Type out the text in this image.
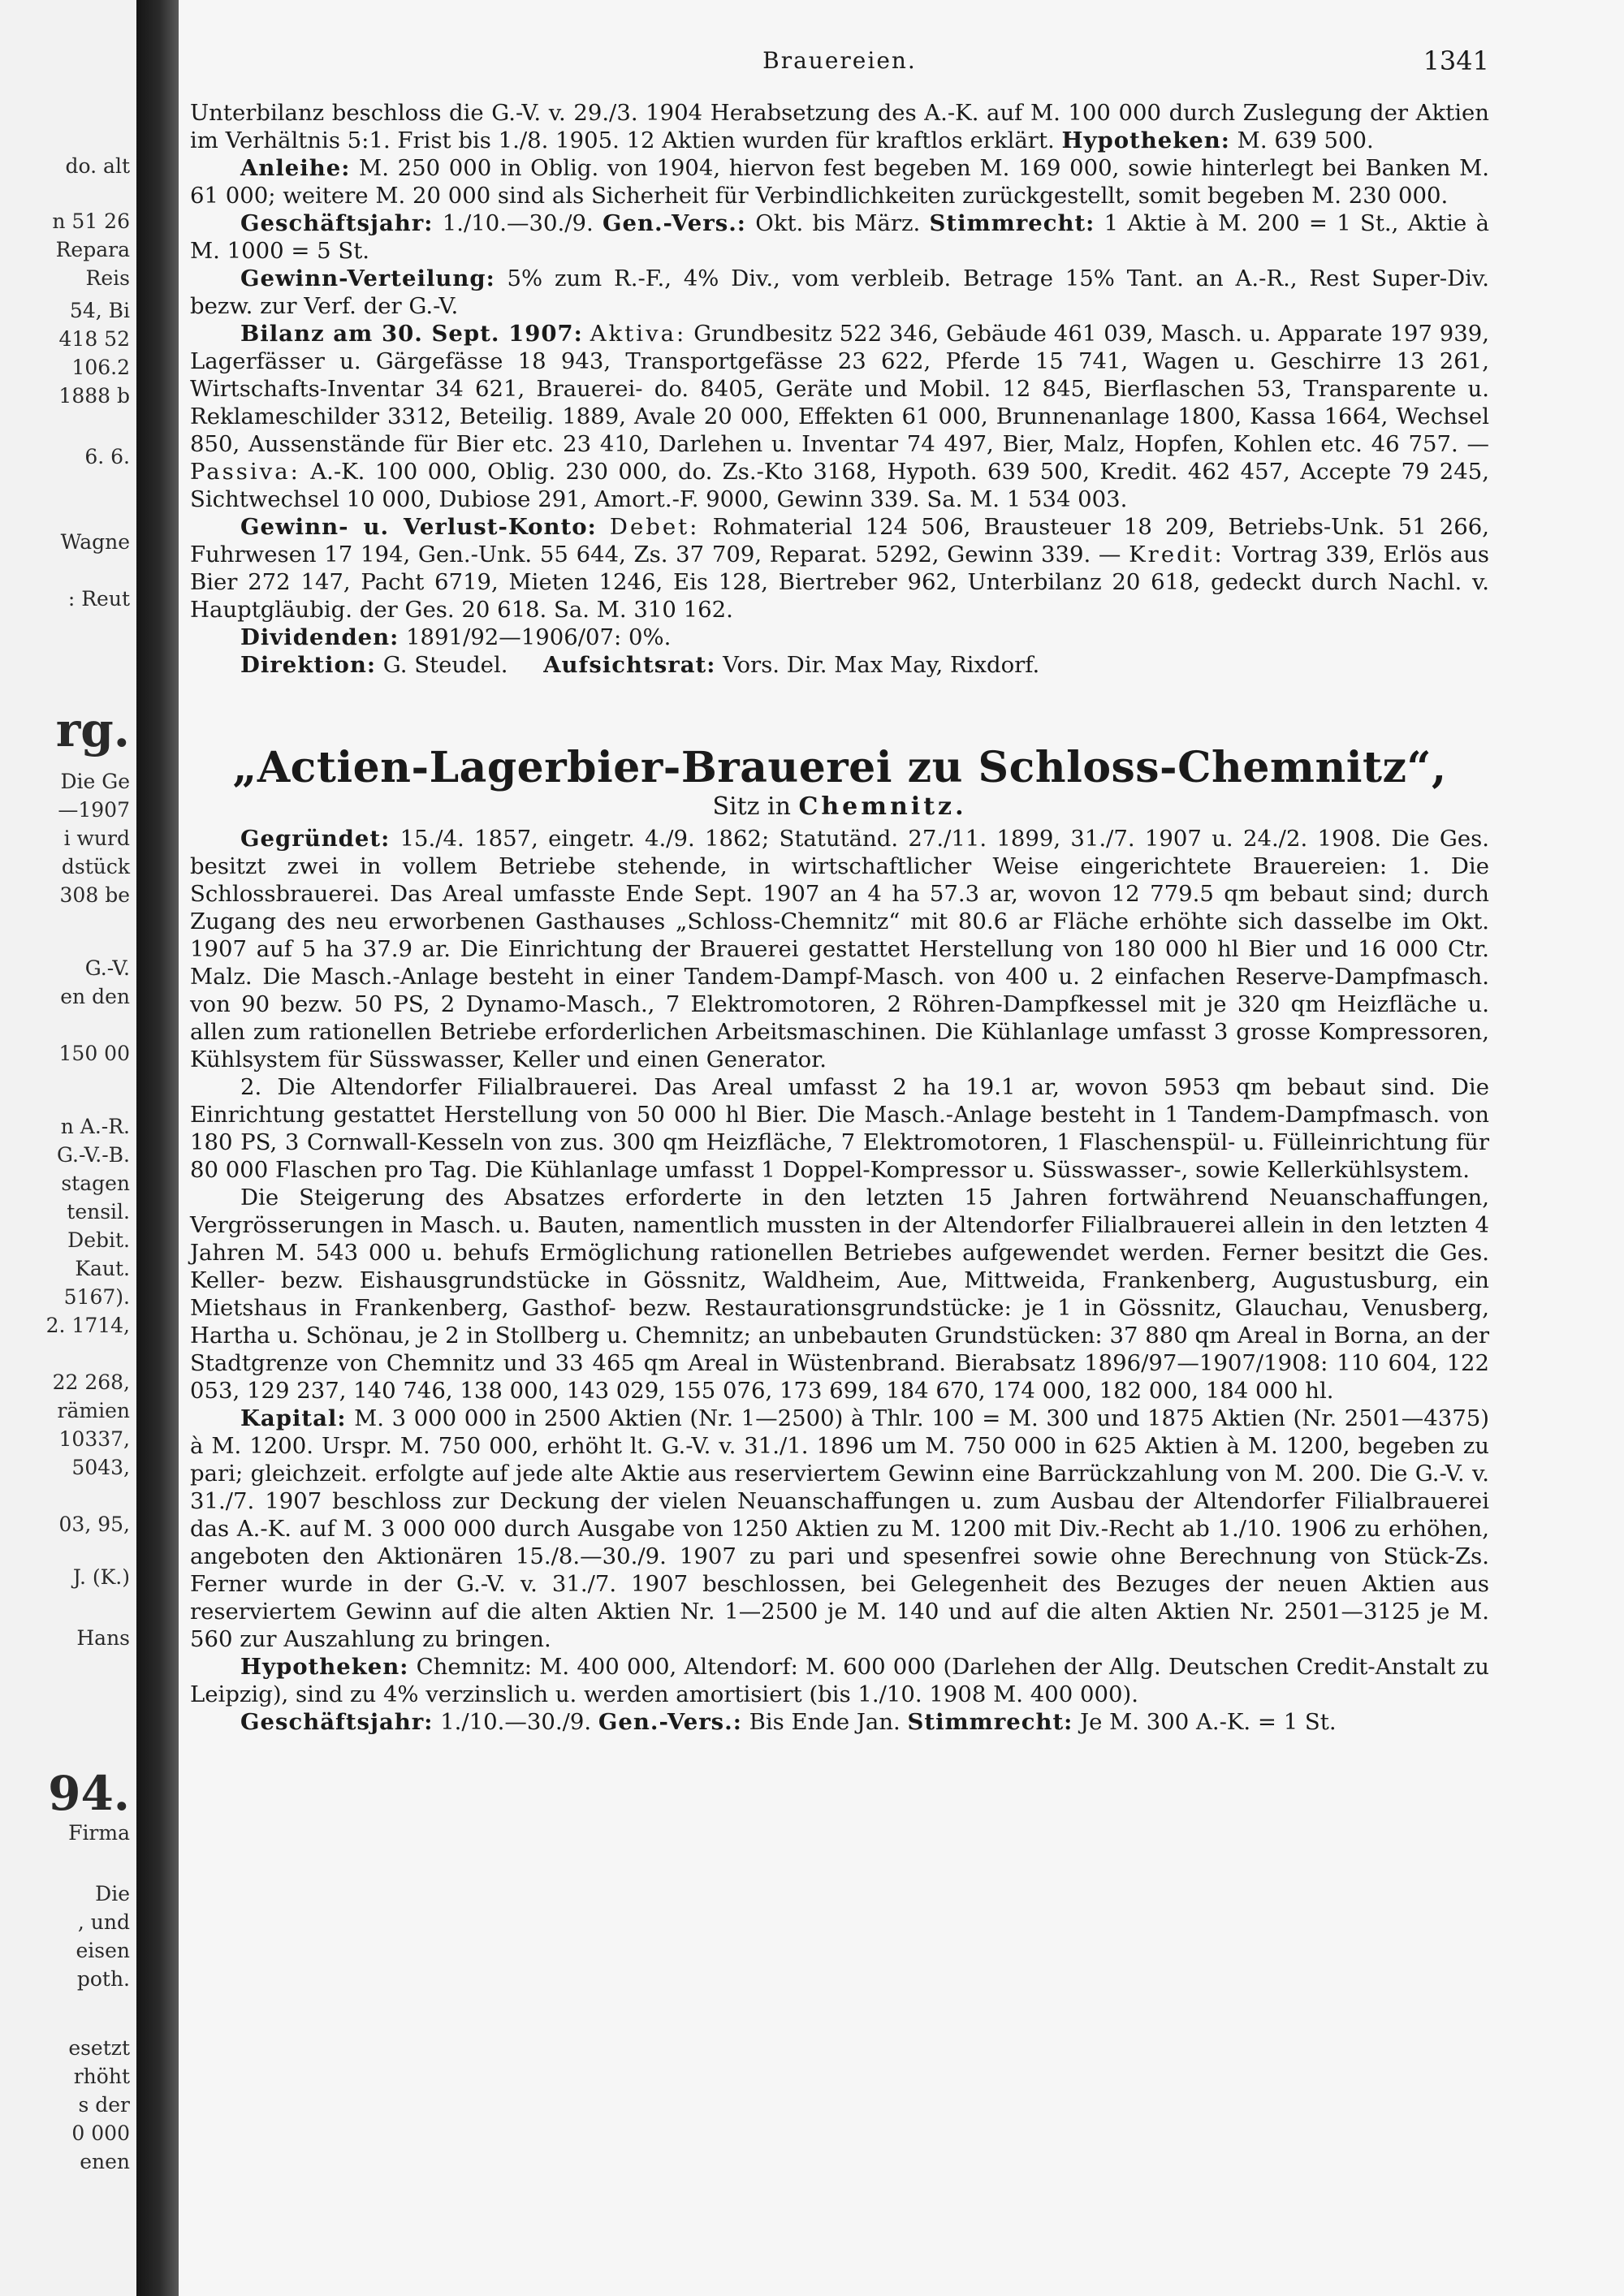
do. alt
n 51 26
Repara
Reis
54, Bi
418 52
106.2
1888 b
6. 6.
Wagne
: Reut
rg.
Die Ge
—1907
i wurd
dstück
308 be
G.-V.
en den
150 00
n A.-R.
G.-V.-B.
stagen
tensil.
Debit.
Kaut.
5167).
2. 1714,
22 268,
rämien
10337,
5043,
03, 95,
J. (K.)
Hans
94.
Firma
Die
, und
eisen
poth.
esetzt
rhöht
s der
0 000
enen
Brauereien.	1341

Unterbilanz beschloss die G.-V. v. 29./3. 1904 Herabsetzung des A.-K. auf M. 100 000 durch Zuslegung der Aktien im Verhältnis 5:1. Frist bis 1./8. 1905. 12 Aktien wurden für kraftlos erklärt. Hypotheken: M. 639 500.

Anleihe: M. 250 000 in Oblig. von 1904, hiervon fest begeben M. 169 000, sowie hinterlegt bei Banken M. 61 000; weitere M. 20 000 sind als Sicherheit für Verbindlichkeiten zurückgestellt, somit begeben M. 230 000.

Geschäftsjahr: 1./10.—30./9. Gen.-Vers.: Okt. bis März. Stimmrecht: 1 Aktie à M. 200 = 1 St., Aktie à M. 1000 = 5 St.

Gewinn-Verteilung: 5% zum R.-F., 4% Div., vom verbleib. Betrage 15% Tant. an A.-R., Rest Super-Div. bezw. zur Verf. der G.-V.

Bilanz am 30. Sept. 1907: Aktiva: Grundbesitz 522 346, Gebäude 461 039, Masch. u. Apparate 197 939, Lagerfässer u. Gärgefässe 18 943, Transportgefässe 23 622, Pferde 15 741, Wagen u. Geschirre 13 261, Wirtschafts-Inventar 34 621, Brauerei- do. 8405, Geräte und Mobil. 12 845, Bierflaschen 53, Transparente u. Reklameschilder 3312, Beteilig. 1889, Avale 20 000, Effekten 61 000, Brunnenanlage 1800, Kassa 1664, Wechsel 850, Aussenstände für Bier etc. 23 410, Darlehen u. Inventar 74 497, Bier, Malz, Hopfen, Kohlen etc. 46 757. — Passiva: A.-K. 100 000, Oblig. 230 000, do. Zs.-Kto 3168, Hypoth. 639 500, Kredit. 462 457, Accepte 79 245, Sichtwechsel 10 000, Dubiose 291, Amort.-F. 9000, Gewinn 339. Sa. M. 1 534 003.

Gewinn- u. Verlust-Konto: Debet: Rohmaterial 124 506, Brausteuer 18 209, Betriebs-Unk. 51 266, Fuhrwesen 17 194, Gen.-Unk. 55 644, Zs. 37 709, Reparat. 5292, Gewinn 339. — Kredit: Vortrag 339, Erlös aus Bier 272 147, Pacht 6719, Mieten 1246, Eis 128, Biertreber 962, Unterbilanz 20 618, gedeckt durch Nachl. v. Hauptgläubig. der Ges. 20 618. Sa. M. 310 162.

Dividenden: 1891/92—1906/07: 0%.

Direktion: G. Steudel. Aufsichtsrat: Vors. Dir. Max May, Rixdorf.

„Actien-Lagerbier-Brauerei zu Schloss-Chemnitz“,
Sitz in Chemnitz.

Gegründet: 15./4. 1857, eingetr. 4./9. 1862; Statutänd. 27./11. 1899, 31./7. 1907 u. 24./2. 1908. Die Ges. besitzt zwei in vollem Betriebe stehende, in wirtschaftlicher Weise eingerichtete Brauereien: 1. Die Schlossbrauerei. Das Areal umfasste Ende Sept. 1907 an 4 ha 57.3 ar, wovon 12 779.5 qm bebaut sind; durch Zugang des neu erworbenen Gasthauses „Schloss-Chemnitz“ mit 80.6 ar Fläche erhöhte sich dasselbe im Okt. 1907 auf 5 ha 37.9 ar. Die Einrichtung der Brauerei gestattet Herstellung von 180 000 hl Bier und 16 000 Ctr. Malz. Die Masch.-Anlage besteht in einer Tandem-Dampf-Masch. von 400 u. 2 einfachen Reserve-Dampfmasch. von 90 bezw. 50 PS, 2 Dynamo-Masch., 7 Elektromotoren, 2 Röhren-Dampfkessel mit je 320 qm Heizfläche u. allen zum rationellen Betriebe erforderlichen Arbeitsmaschinen. Die Kühlanlage umfasst 3 grosse Kompressoren, Kühlsystem für Süsswasser, Keller und einen Generator.

2. Die Altendorfer Filialbrauerei. Das Areal umfasst 2 ha 19.1 ar, wovon 5953 qm bebaut sind. Die Einrichtung gestattet Herstellung von 50 000 hl Bier. Die Masch.-Anlage besteht in 1 Tandem-Dampfmasch. von 180 PS, 3 Cornwall-Kesseln von zus. 300 qm Heizfläche, 7 Elektromotoren, 1 Flaschenspül- u. Fülleinrichtung für 80 000 Flaschen pro Tag. Die Kühlanlage umfasst 1 Doppel-Kompressor u. Süsswasser-, sowie Kellerkühlsystem.

Die Steigerung des Absatzes erforderte in den letzten 15 Jahren fortwährend Neuanschaffungen, Vergrösserungen in Masch. u. Bauten, namentlich mussten in der Altendorfer Filialbrauerei allein in den letzten 4 Jahren M. 543 000 u. behufs Ermöglichung rationellen Betriebes aufgewendet werden. Ferner besitzt die Ges. Keller- bezw. Eishausgrundstücke in Gössnitz, Waldheim, Aue, Mittweida, Frankenberg, Augustusburg, ein Mietshaus in Frankenberg, Gasthof- bezw. Restaurationsgrundstücke: je 1 in Gössnitz, Glauchau, Venusberg, Hartha u. Schönau, je 2 in Stollberg u. Chemnitz; an unbebauten Grundstücken: 37 880 qm Areal in Borna, an der Stadtgrenze von Chemnitz und 33 465 qm Areal in Wüstenbrand. Bierabsatz 1896/97—1907/1908: 110 604, 122 053, 129 237, 140 746, 138 000, 143 029, 155 076, 173 699, 184 670, 174 000, 182 000, 184 000 hl.

Kapital: M. 3 000 000 in 2500 Aktien (Nr. 1—2500) à Thlr. 100 = M. 300 und 1875 Aktien (Nr. 2501—4375) à M. 1200. Urspr. M. 750 000, erhöht lt. G.-V. v. 31./1. 1896 um M. 750 000 in 625 Aktien à M. 1200, begeben zu pari; gleichzeit. erfolgte auf jede alte Aktie aus reserviertem Gewinn eine Barrückzahlung von M. 200. Die G.-V. v. 31./7. 1907 beschloss zur Deckung der vielen Neuanschaffungen u. zum Ausbau der Altendorfer Filialbrauerei das A.-K. auf M. 3 000 000 durch Ausgabe von 1250 Aktien zu M. 1200 mit Div.-Recht ab 1./10. 1906 zu erhöhen, angeboten den Aktionären 15./8.—30./9. 1907 zu pari und spesenfrei sowie ohne Berechnung von Stück-Zs. Ferner wurde in der G.-V. v. 31./7. 1907 beschlossen, bei Gelegenheit des Bezuges der neuen Aktien aus reserviertem Gewinn auf die alten Aktien Nr. 1—2500 je M. 140 und auf die alten Aktien Nr. 2501—3125 je M. 560 zur Auszahlung zu bringen.

Hypotheken: Chemnitz: M. 400 000, Altendorf: M. 600 000 (Darlehen der Allg. Deutschen Credit-Anstalt zu Leipzig), sind zu 4% verzinslich u. werden amortisiert (bis 1./10. 1908 M. 400 000).

Geschäftsjahr: 1./10.—30./9. Gen.-Vers.: Bis Ende Jan. Stimmrecht: Je M. 300 A.-K. = 1 St.
